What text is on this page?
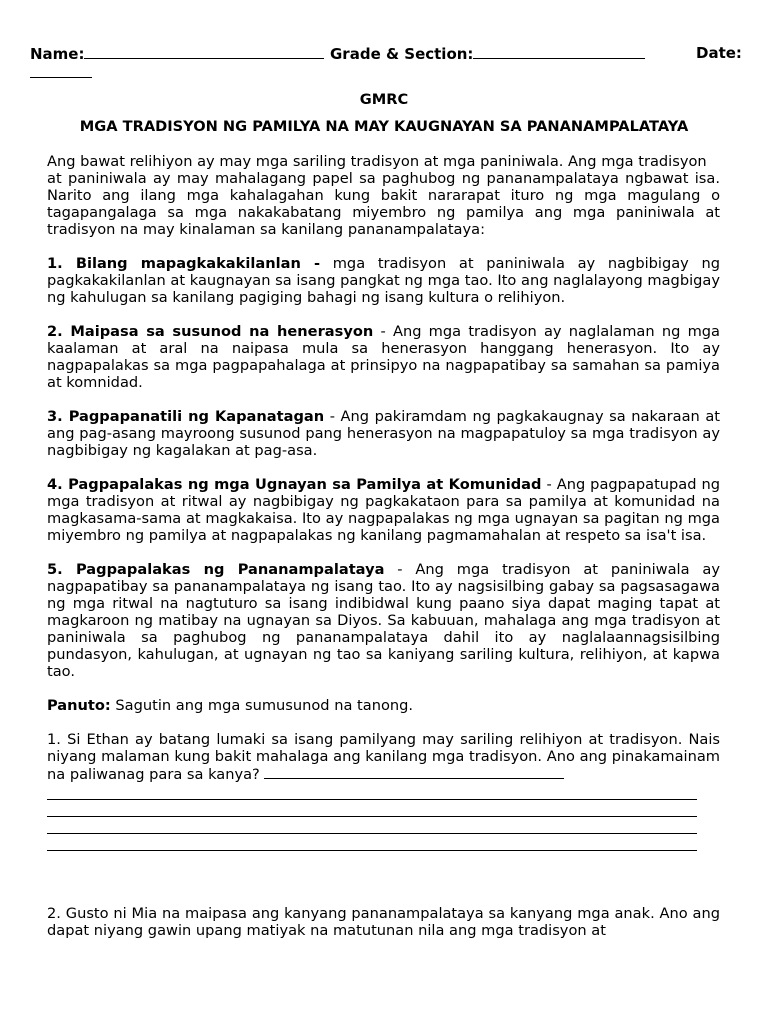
Name:	Grade & Section:	Date:
GMRC
MGA TRADISYON NG PAMILYA NA MAY KAUGNAYAN SA PANANAMPALATAYA

Ang bawat relihiyon ay may mga sariling tradisyon at mga paniniwala. Ang mga tradisyon
at paniniwala ay may mahalagang papel sa paghubog ng pananampalataya ngbawat isa. Narito ang ilang mga kahalagahan kung bakit nararapat ituro ng mga magulang o tagapangalaga sa mga nakakabatang miyembro ng pamilya ang mga paniniwala at tradisyon na may kinalaman sa kanilang pananampalataya:

1. Bilang mapagkakakilanlan - mga tradisyon at paniniwala ay nagbibigay ng pagkakakilanlan at kaugnayan sa isang pangkat ng mga tao. Ito ang naglalayong magbigay ng kahulugan sa kanilang pagiging bahagi ng isang kultura o relihiyon.

2. Maipasa sa susunod na henerasyon - Ang mga tradisyon ay naglalaman ng mga kaalaman at aral na naipasa mula sa henerasyon hanggang henerasyon. Ito ay nagpapalakas sa mga pagpapahalaga at prinsipyo na nagpapatibay sa samahan sa pamiya at komnidad.

3. Pagpapanatili ng Kapanatagan - Ang pakiramdam ng pagkakaugnay sa nakaraan at ang pag-asang mayroong susunod pang henerasyon na magpapatuloy sa mga tradisyon ay nagbibigay ng kagalakan at pag-asa.

4. Pagpapalakas ng mga Ugnayan sa Pamilya at Komunidad - Ang pagpapatupad ng mga tradisyon at ritwal ay nagbibigay ng pagkakataon para sa pamilya at komunidad na magkasama-sama at magkakaisa. Ito ay nagpapalakas ng mga ugnayan sa pagitan ng mga miyembro ng pamilya at nagpapalakas ng kanilang pagmamahalan at respeto sa isa't isa.

5. Pagpapalakas ng Pananampalataya - Ang mga tradisyon at paniniwala ay nagpapatibay sa pananampalataya ng isang tao. Ito ay nagsisilbing gabay sa pagsasagawa ng mga ritwal na nagtuturo sa isang indibidwal kung paano siya dapat maging tapat at magkaroon ng matibay na ugnayan sa Diyos. Sa kabuuan, mahalaga ang mga tradisyon at paniniwala sa paghubog ng pananampalataya dahil ito ay naglalaannagsisilbing pundasyon, kahulugan, at ugnayan ng tao sa kaniyang sariling kultura, relihiyon, at kapwa tao.

Panuto: Sagutin ang mga sumusunod na tanong.

1. Si Ethan ay batang lumaki sa isang pamilyang may sariling relihiyon at tradisyon. Nais niyang malaman kung bakit mahalaga ang kanilang mga tradisyon. Ano ang pinakamainam na paliwanag para sa kanya?

2. Gusto ni Mia na maipasa ang kanyang pananampalataya sa kanyang mga anak. Ano ang dapat niyang gawin upang matiyak na matutunan nila ang mga tradisyon at
